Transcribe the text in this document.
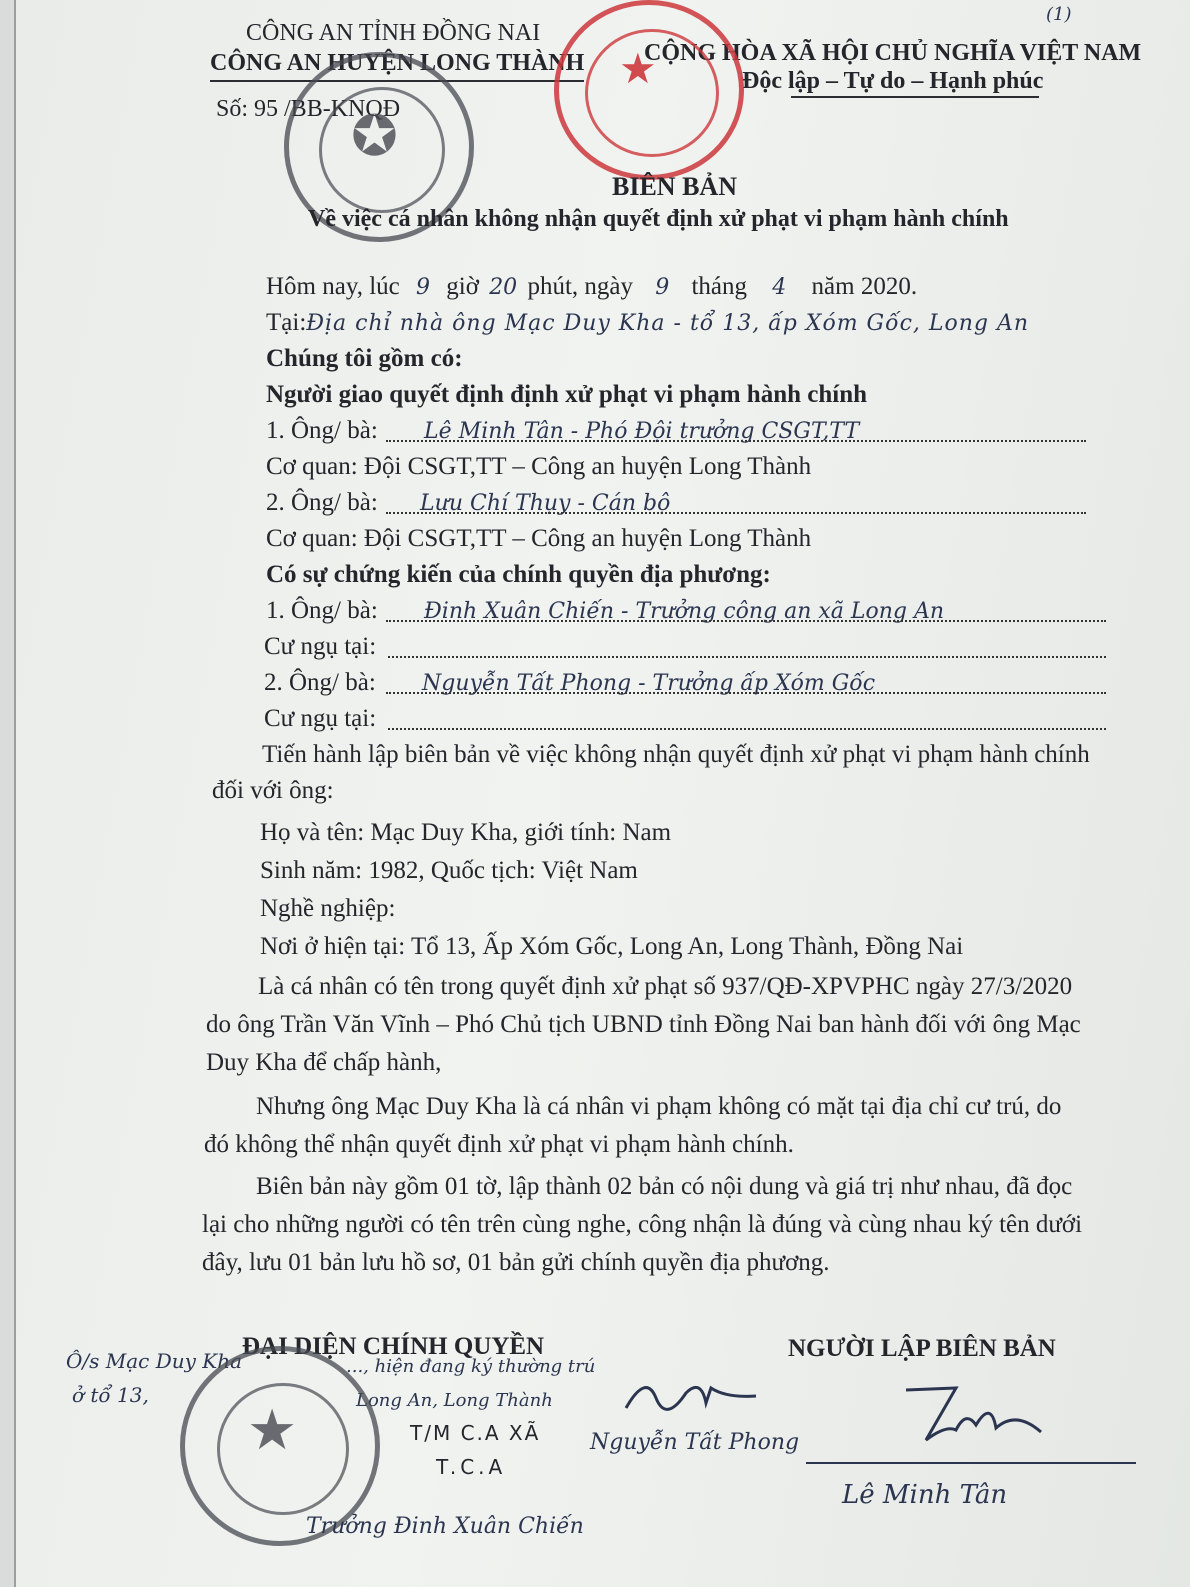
CÔNG AN TỈNH ĐỒNG NAI
CÔNG AN HUYỆN LONG THÀNH
Số: 95 /BB-KNQĐ
CỘNG HÒA XÃ HỘI CHỦ NGHĨA VIỆT NAM
Độc lập – Tự do – Hạnh phúc
(1)
★
✪
BIÊN BẢN
Về việc cá nhân không nhận quyết định xử phạt vi phạm hành chính
Hôm nay, lúc 9 giờ 20 phút, ngày 9 tháng 4 năm 2020.
Tại:Địa chỉ nhà ông Mạc Duy Kha - tổ 13, ấp Xóm Gốc, Long An
Chúng tôi gồm có:
Người giao quyết định định xử phạt vi phạm hành chính
1. Ông/ bà: Lê Minh Tân - Phó Đội trưởng CSGT,TT
Cơ quan: Đội CSGT,TT – Công an huyện Long Thành
2. Ông/ bà: Lưu Chí Thụy - Cán bộ
Cơ quan: Đội CSGT,TT – Công an huyện Long Thành
Có sự chứng kiến của chính quyền địa phương:
1. Ông/ bà: Đinh Xuân Chiến - Trưởng công an xã Long An
Cư ngụ tại:
2. Ông/ bà: Nguyễn Tất Phong - Trưởng ấp Xóm Gốc
Cư ngụ tại:
Tiến hành lập biên bản về việc không nhận quyết định xử phạt vi phạm hành chính
đối với ông:
Họ và tên: Mạc Duy Kha, giới tính: Nam
Sinh năm: 1982, Quốc tịch: Việt Nam
Nghề nghiệp:
Nơi ở hiện tại: Tổ 13, Ấp Xóm Gốc, Long An, Long Thành, Đồng Nai
Là cá nhân có tên trong quyết định xử phạt số 937/QĐ-XPVPHC ngày 27/3/2020
do ông Trần Văn Vĩnh – Phó Chủ tịch UBND tỉnh Đồng Nai ban hành đối với ông Mạc
Duy Kha để chấp hành,
Nhưng ông Mạc Duy Kha là cá nhân vi phạm không có mặt tại địa chỉ cư trú, do
đó không thể nhận quyết định xử phạt vi phạm hành chính.
Biên bản này gồm 01 tờ, lập thành 02 bản có nội dung và giá trị như nhau, đã đọc
lại cho những người có tên trên cùng nghe, công nhận là đúng và cùng nhau ký tên dưới
đây, lưu 01 bản lưu hồ sơ, 01 bản gửi chính quyền địa phương.
ĐẠI DIỆN CHÍNH QUYỀN	NGƯỜI LẬP BIÊN BẢN
Ô/s Mạc Duy Kha
ở tổ 13,
..., hiện đang ký thường trú
Long An, Long Thành
★	T/M C.A XÃ
T.C.A
Trưởng Đinh Xuân Chiến
Nguyễn Tất Phong
Lê Minh Tân
